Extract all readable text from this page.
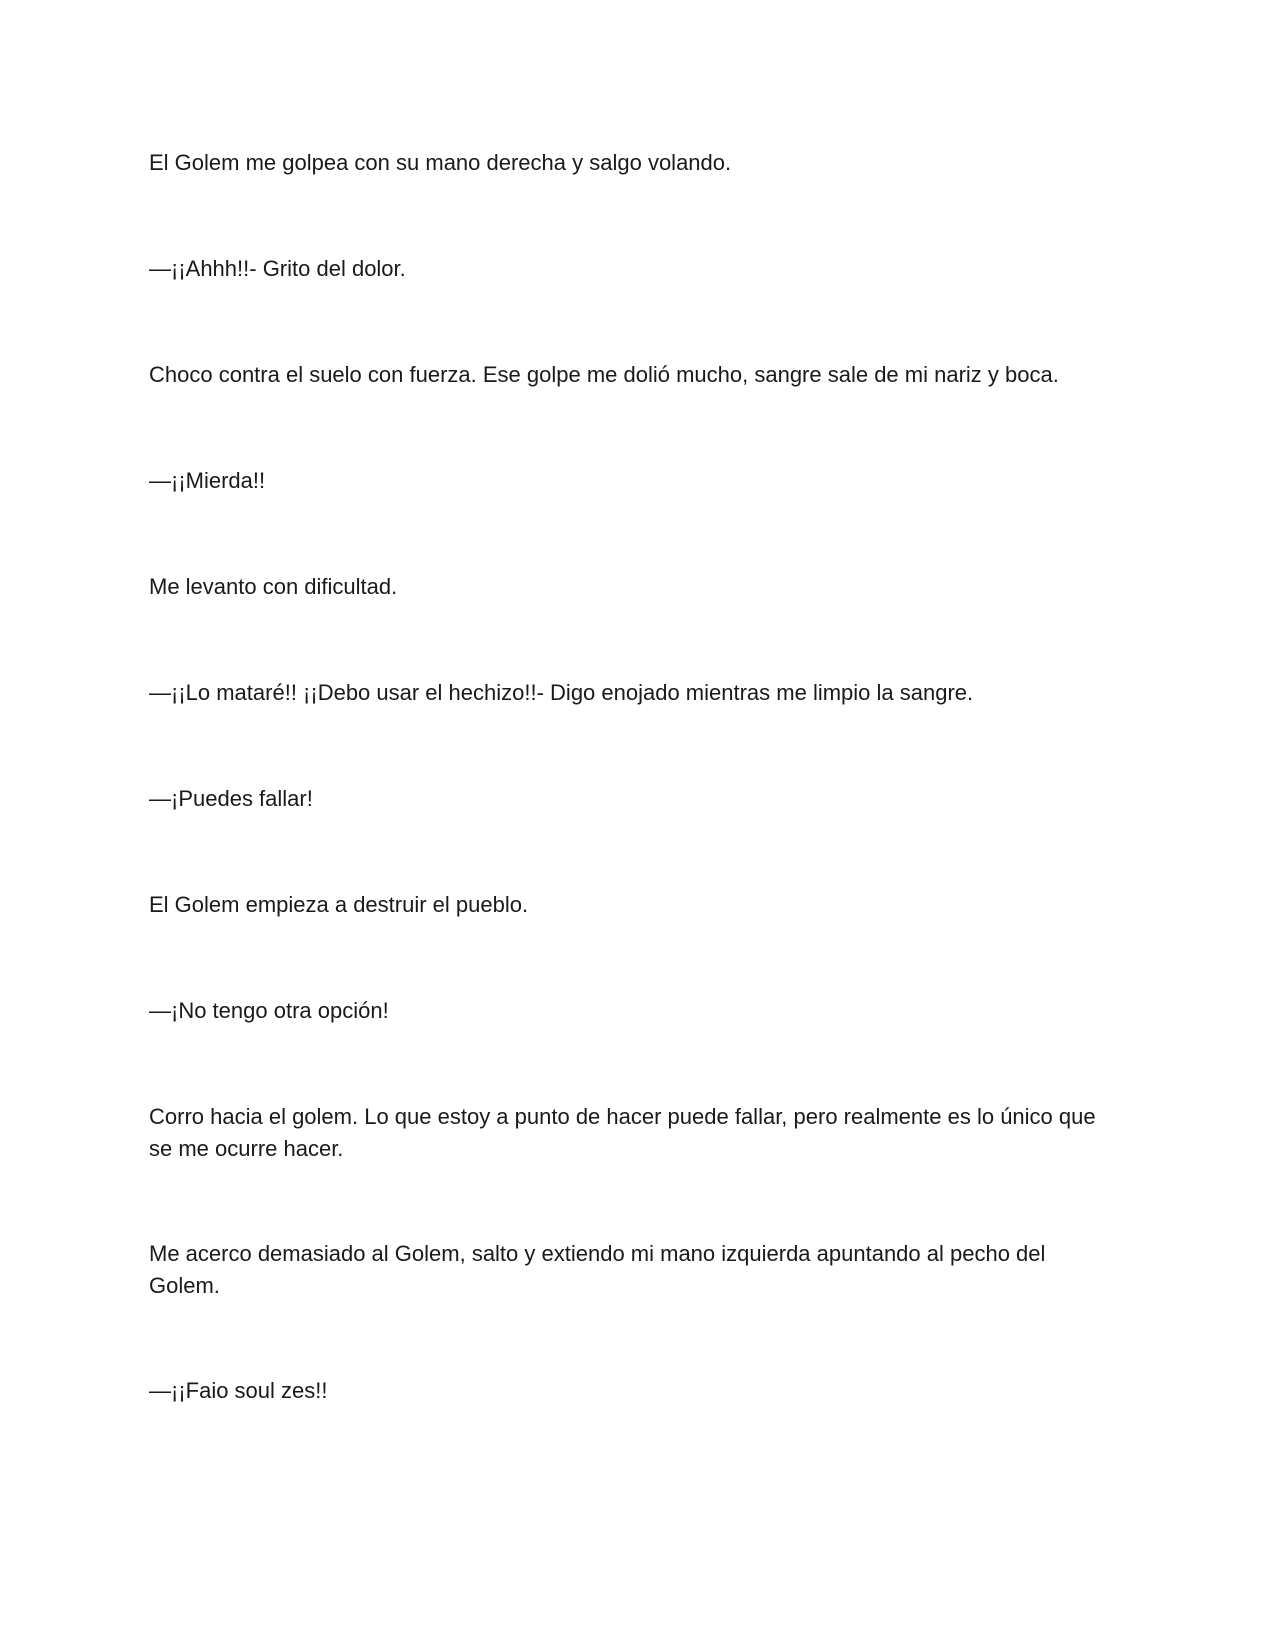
El Golem me golpea con su mano derecha y salgo volando.

—¡¡Ahhh!!- Grito del dolor.

Choco contra el suelo con fuerza. Ese golpe me dolió mucho, sangre sale de mi nariz y boca.

—¡¡Mierda!!

Me levanto con dificultad.

—¡¡Lo mataré!! ¡¡Debo usar el hechizo!!- Digo enojado mientras me limpio la sangre.

—¡Puedes fallar!

El Golem empieza a destruir el pueblo.

—¡No tengo otra opción!

Corro hacia el golem. Lo que estoy a punto de hacer puede fallar, pero realmente es lo único que se me ocurre hacer.

Me acerco demasiado al Golem, salto y extiendo mi mano izquierda apuntando al pecho del Golem.

—¡¡Faio soul zes!!
